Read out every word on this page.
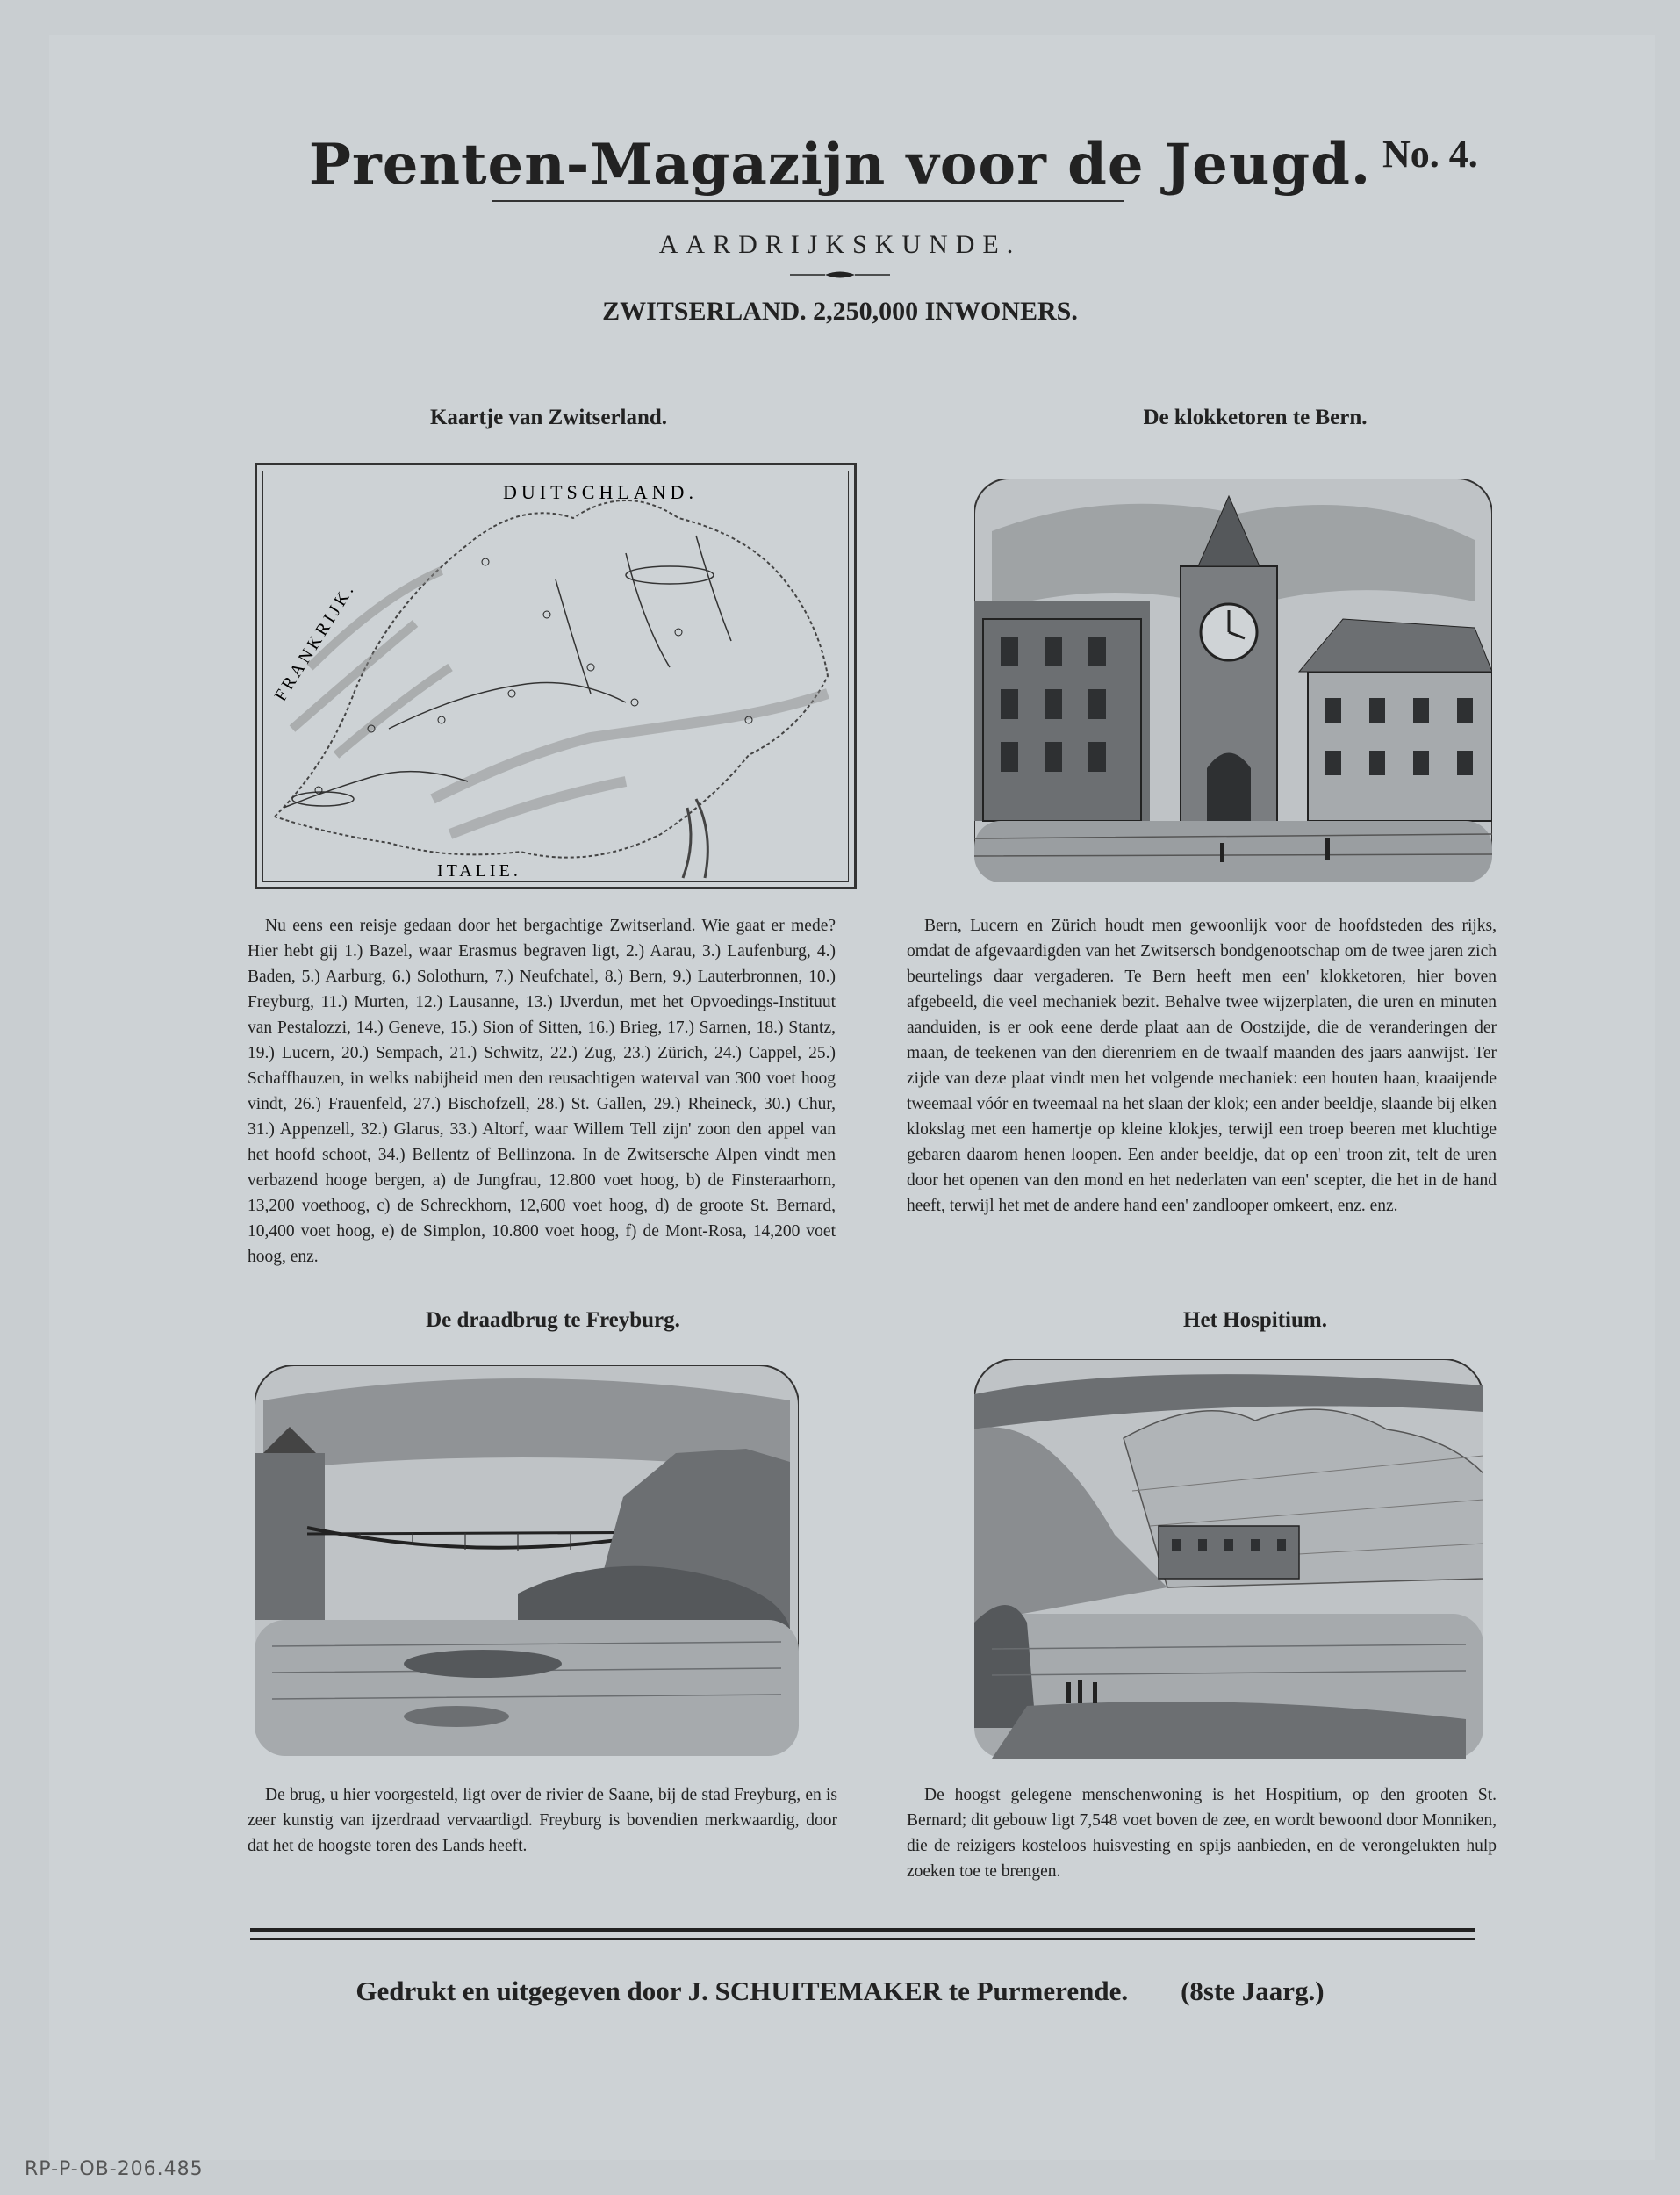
Prenten-Magazijn voor de Jeugd. No. 4.
AARDRIJKSKUNDE.
ZWITSERLAND. 2,250,000 INWONERS.
Kaartje van Zwitserland.
DUITSCHLAND.
FRANKRIJK.
ITALIE.
Nu eens een reisje gedaan door het bergachtige Zwitserland. Wie gaat er mede? Hier hebt gij 1.) Bazel, waar Erasmus begraven ligt, 2.) Aarau, 3.) Laufenburg, 4.) Baden, 5.) Aarburg, 6.) Solothurn, 7.) Neufchatel, 8.) Bern, 9.) Lauterbronnen, 10.) Freyburg, 11.) Murten, 12.) Lausanne, 13.) IJverdun, met het Opvoedings-Instituut van Pestalozzi, 14.) Geneve, 15.) Sion of Sitten, 16.) Brieg, 17.) Sarnen, 18.) Stantz, 19.) Lucern, 20.) Sempach, 21.) Schwitz, 22.) Zug, 23.) Zürich, 24.) Cappel, 25.) Schaffhauzen, in welks nabijheid men den reusachtigen waterval van 300 voet hoog vindt, 26.) Frauenfeld, 27.) Bischofzell, 28.) St. Gallen, 29.) Rheineck, 30.) Chur, 31.) Appenzell, 32.) Glarus, 33.) Altorf, waar Willem Tell zijn' zoon den appel van het hoofd schoot, 34.) Bellentz of Bellinzona. In de Zwitsersche Alpen vindt men verbazend hooge bergen, a) de Jungfrau, 12.800 voet hoog, b) de Finsteraarhorn, 13,200 voethoog, c) de Schreckhorn, 12,600 voet hoog, d) de groote St. Bernard, 10,400 voet hoog, e) de Simplon, 10.800 voet hoog, f) de Mont-Rosa, 14,200 voet hoog, enz.
De klokketoren te Bern.
Bern, Lucern en Zürich houdt men gewoonlijk voor de hoofdsteden des rijks, omdat de afgevaardigden van het Zwitsersch bondgenootschap om de twee jaren zich beurtelings daar vergaderen. Te Bern heeft men een' klokketoren, hier boven afgebeeld, die veel mechaniek bezit. Behalve twee wijzerplaten, die uren en minuten aanduiden, is er ook eene derde plaat aan de Oostzijde, die de veranderingen der maan, de teekenen van den dierenriem en de twaalf maanden des jaars aanwijst. Ter zijde van deze plaat vindt men het volgende mechaniek: een houten haan, kraaijende tweemaal vóór en tweemaal na het slaan der klok; een ander beeldje, slaande bij elken klokslag met een hamertje op kleine klokjes, terwijl een troep beeren met kluchtige gebaren daarom henen loopen. Een ander beeldje, dat op een' troon zit, telt de uren door het openen van den mond en het nederlaten van een' scepter, die het in de hand heeft, terwijl het met de andere hand een' zandlooper omkeert, enz. enz.
De draadbrug te Freyburg.
De brug, u hier voorgesteld, ligt over de rivier de Saane, bij de stad Freyburg, en is zeer kunstig van ijzerdraad vervaardigd. Freyburg is bovendien merkwaardig, door dat het de hoogste toren des Lands heeft.
Het Hospitium.
De hoogst gelegene menschenwoning is het Hospitium, op den grooten St. Bernard; dit gebouw ligt 7,548 voet boven de zee, en wordt bewoond door Monniken, die de reizigers kosteloos huisvesting en spijs aanbieden, en de verongelukten hulp zoeken toe te brengen.
Gedrukt en uitgegeven door J. SCHUITEMAKER te Purmerende. (8ste Jaarg.)
RP-P-OB-206.485
